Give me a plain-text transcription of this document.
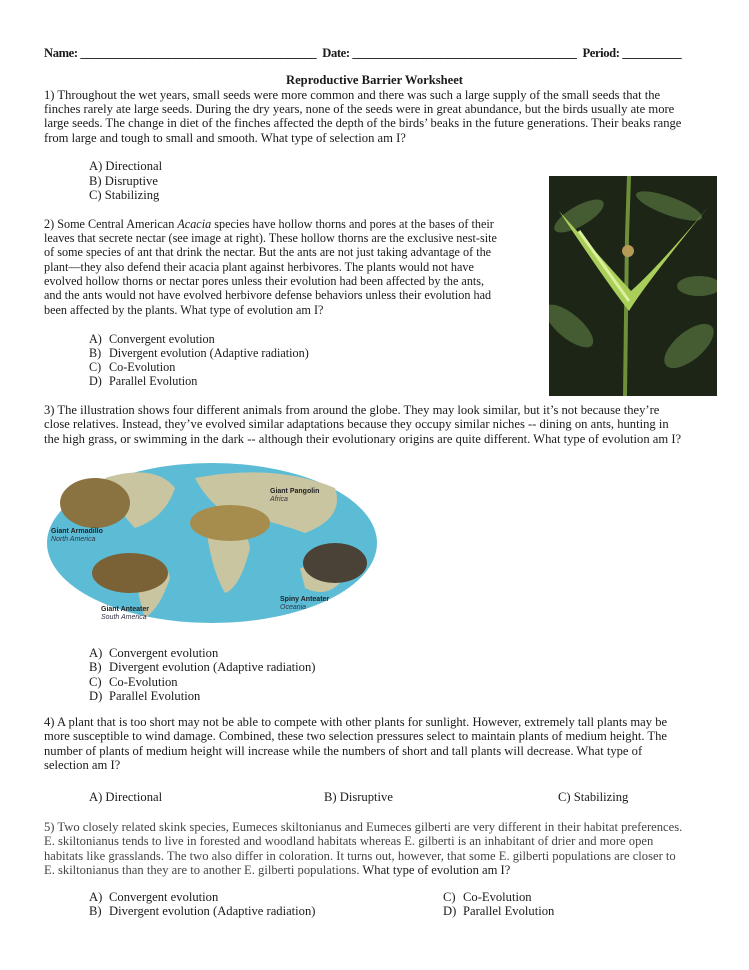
Name: ________________________________________ Date: ______________________________________ Period: __________
Reproductive Barrier Worksheet
1) Throughout the wet years, small seeds were more common and there was such a large supply of the small seeds that the
finches rarely ate large seeds. During the dry years, none of the seeds were in great abundance, but the birds usually ate more
large seeds. The change in diet of the finches affected the depth of the birds’ beaks in the future generations. Their beaks range
from large and tough to small and smooth. What type of selection am I?
A) Directional
B) Disruptive
C) Stabilizing
2) Some Central American Acacia species have hollow thorns and pores at the bases of their
leaves that secrete nectar (see image at right). These hollow thorns are the exclusive nest-site
of some species of ant that drink the nectar. But the ants are not just taking advantage of the
plant—they also defend their acacia plant against herbivores. The plants would not have
evolved hollow thorns or nectar pores unless their evolution had been affected by the ants,
and the ants would not have evolved herbivore defense behaviors unless their evolution had
been affected by the plants. What type of evolution am I?
A) Convergent evolution
B) Divergent evolution (Adaptive radiation)
C) Co-Evolution
D) Parallel Evolution
3) The illustration shows four different animals from around the globe. They may look similar, but it’s not because they’re
close relatives. Instead, they’ve evolved similar adaptations because they occupy similar niches -- dining on ants, hunting in
the high grass, or swimming in the dark -- although their evolutionary origins are quite different. What type of evolution am I?
Giant Armadillo
North America
Giant Pangolin
Africa
Giant Anteater
South America
Spiny Anteater
Oceania
A) Convergent evolution
B) Divergent evolution (Adaptive radiation)
C) Co-Evolution
D) Parallel Evolution
4) A plant that is too short may not be able to compete with other plants for sunlight. However, extremely tall plants may be
more susceptible to wind damage. Combined, these two selection pressures select to maintain plants of medium height. The
number of plants of medium height will increase while the numbers of short and tall plants will decrease. What type of
selection am I?
A) Directional	B) Disruptive	C) Stabilizing
5) Two closely related skink species, Eumeces skiltonianus and Eumeces gilberti are very different in their habitat preferences.
E. skiltonianus tends to live in forested and woodland habitats whereas E. gilberti is an inhabitant of drier and more open
habitats like grasslands. The two also differ in coloration. It turns out, however, that some E. gilberti populations are closer to
E. skiltonianus than they are to another E. gilberti populations. What type of evolution am I?
A) Convergent evolution
B) Divergent evolution (Adaptive radiation)
C) Co-Evolution
D) Parallel Evolution
